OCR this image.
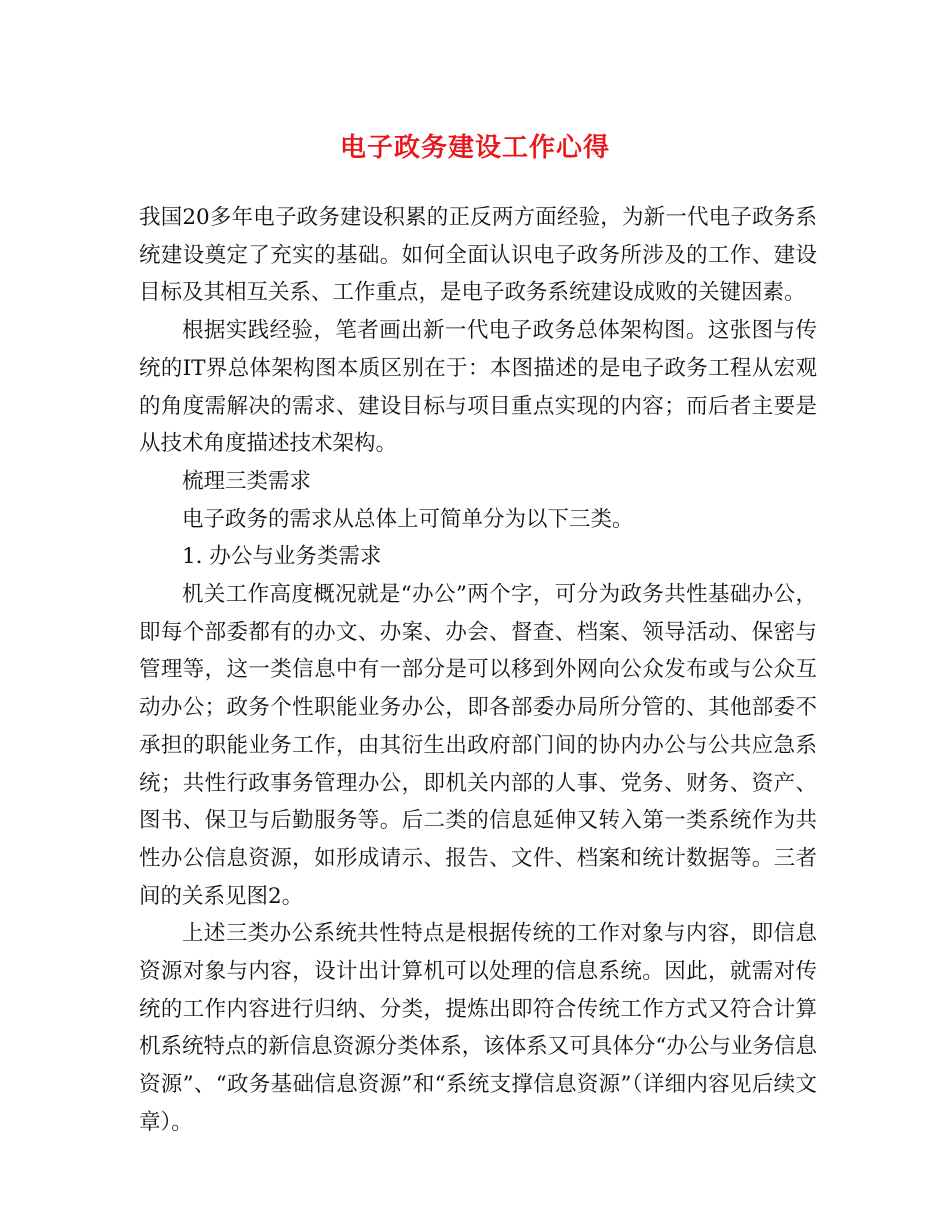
电子政务建设工作心得

我国20多年电子政务建设积累的正反两方面经验，为新一代电子政务系统建设奠定了充实的基础。如何全面认识电子政务所涉及的工作、建设目标及其相互关系、工作重点，是电子政务系统建设成败的关键因素。

根据实践经验，笔者画出新一代电子政务总体架构图。这张图与传统的IT界总体架构图本质区别在于：本图描述的是电子政务工程从宏观的角度需解决的需求、建设目标与项目重点实现的内容；而后者主要是从技术角度描述技术架构。

梳理三类需求

电子政务的需求从总体上可简单分为以下三类。

1. 办公与业务类需求

机关工作高度概况就是“办公”两个字，可分为政务共性基础办公，即每个部委都有的办文、办案、办会、督查、档案、领导活动、保密与管理等，这一类信息中有一部分是可以移到外网向公众发布或与公众互动办公；政务个性职能业务办公，即各部委办局所分管的、其他部委不承担的职能业务工作，由其衍生出政府部门间的协内办公与公共应急系统；共性行政事务管理办公，即机关内部的人事、党务、财务、资产、图书、保卫与后勤服务等。后二类的信息延伸又转入第一类系统作为共性办公信息资源，如形成请示、报告、文件、档案和统计数据等。三者间的关系见图2。

上述三类办公系统共性特点是根据传统的工作对象与内容，即信息资源对象与内容，设计出计算机可以处理的信息系统。因此，就需对传统的工作内容进行归纳、分类，提炼出即符合传统工作方式又符合计算机系统特点的新信息资源分类体系，该体系又可具体分“办公与业务信息资源”、“政务基础信息资源”和“系统支撑信息资源”（详细内容见后续文章）。
